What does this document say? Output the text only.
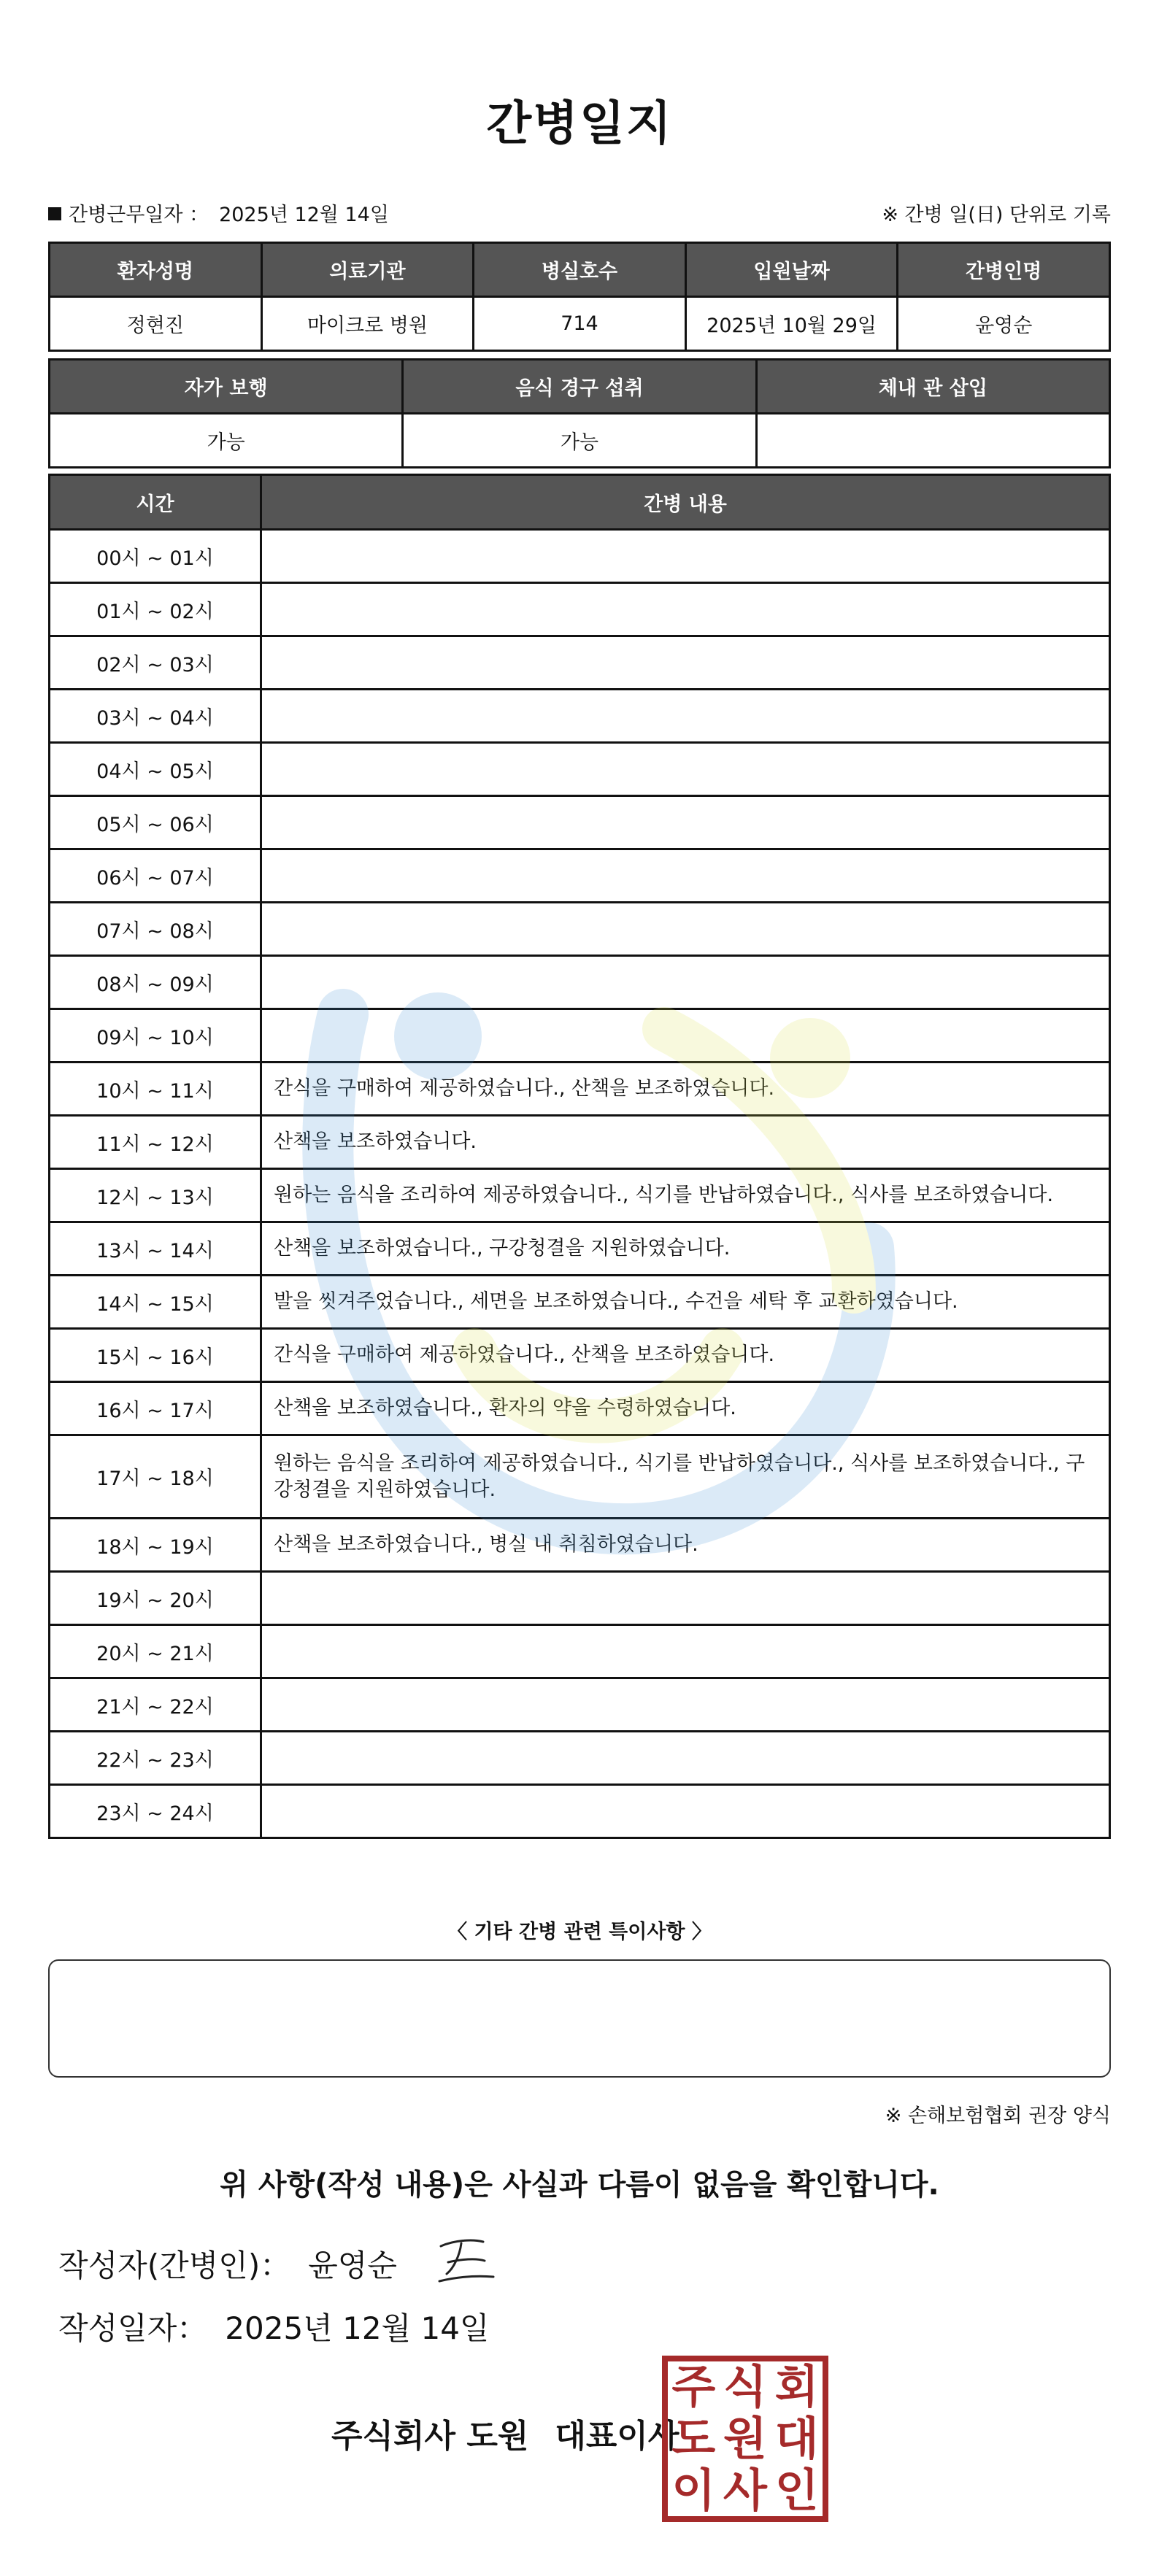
간병일지
간병근무일자 ： 2025년 12월 14일	※ 간병 일(日) 단위로 기록
환자성명	의료기관	병실호수	입원날짜	간병인명
정현진	마이크로 병원	714	2025년 10월 29일	윤영순
자가 보행	음식 경구 섭취	체내 관 삽입
가능	가능	
시간	간병 내용
00시 ~ 01시	
01시 ~ 02시	
02시 ~ 03시	
03시 ~ 04시	
04시 ~ 05시	
05시 ~ 06시	
06시 ~ 07시	
07시 ~ 08시	
08시 ~ 09시	
09시 ~ 10시	
10시 ~ 11시	간식을 구매하여 제공하였습니다., 산책을 보조하였습니다.
11시 ~ 12시	산책을 보조하였습니다.
12시 ~ 13시	원하는 음식을 조리하여 제공하였습니다., 식기를 반납하였습니다., 식사를 보조하였습니다.
13시 ~ 14시	산책을 보조하였습니다., 구강청결을 지원하였습니다.
14시 ~ 15시	발을 씻겨주었습니다., 세면을 보조하였습니다., 수건을 세탁 후 교환하였습니다.
15시 ~ 16시	간식을 구매하여 제공하였습니다., 산책을 보조하였습니다.
16시 ~ 17시	산책을 보조하였습니다., 환자의 약을 수령하였습니다.
17시 ~ 18시	원하는 음식을 조리하여 제공하였습니다., 식기를 반납하였습니다., 식사를 보조하였습니다., 구강청결을 지원하였습니다.
18시 ~ 19시	산책을 보조하였습니다., 병실 내 취침하였습니다.
19시 ~ 20시	
20시 ~ 21시	
21시 ~ 22시	
22시 ~ 23시	
23시 ~ 24시	
〈 기타 간병 관련 특이사항 〉
※ 손해보험협회 권장 양식
위 사항(작성 내용)은 사실과 다름이 없음을 확인합니다.
작성자(간병인)： 윤영순
작성일자： 2025년 12월 14일
주식회사 도원 대표이사
주 식 회
도 원 대
이 사 인
